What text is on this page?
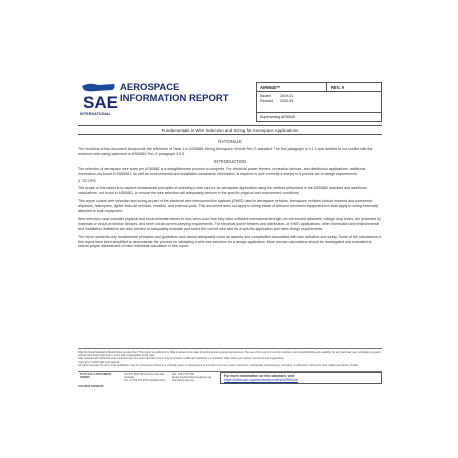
SAE
INTERNATIONAL
AEROSPACE
INFORMATION REPORT
AIR6540™	REV. A
Issued	2019-01
Revised 2020-03
Superseding AIR6540
Fundamentals in Wire Selection and Sizing for Aerospace Applications
RATIONALE

The revisions of this document incorporate the reference of Table 3 in AS50881 Wiring Aerospace Vehicle Rev G standard. The first paragraph in 3.1.1 was deleted to not conflict with the minimum wire sizing statement in AS50881 Rev G paragraph 3.5.5.

INTRODUCTION

The selection of aerospace wire sizes per AS50881 is a straightforward process to complete. For electrical power feeders, protection devices, and distribution applications, additional information not found in AS50881, as well as environmental and installation constraints information, is required to size correctly a wire(s) to a precise set of design requirements.

1. SCOPE

The scope of this report is to capture fundamental principles of selecting a wire size for an aerospace application using the method prescribed in the AS50881 standard and additional calculations, not found in AS50881, to ensure the wire selection will adequately perform in the specific physical and environment conditions.

This report covers wire selection and sizing as part of the electrical wire interconnection systems (EWIS) used in aerospace vehicles. Aerospace vehicles include manned and unmanned airplanes, helicopters, lighter-than-air vehicles, missiles, and external pods. This document does not apply to wiring inside of airborne electronic equipment but shall apply to wiring externally attached to such equipment.

Wire selection must consider physical and environmental factors to size wires such that they have sufficient mechanical strength, do not exceed allowable voltage drop levels, are protected by materials or circuit protection devices, and meet circuit current-carrying requirements. For electrical power feeders and distribution, or EWIS applications, other information and environmental and installation limitations are also needed to adequately evaluate and select the correct wire size for a specific application and meet design requirements.

The report presents only fundamental principles and guidelines and cannot adequately cover all aspects and complexities associated with wire selection and sizing. Some of the calculations in this report have been simplified to demonstrate the process for validating a wire size selection for a design application. More precise calculations should be investigated and evaluated to ensure proper assessment of each individual calculation in this report.

SAE Technical Standards Board Rules provide that: "This report is published by SAE to advance the state of technical and engineering sciences. The use of this report is entirely voluntary, and its applicability and suitability for any particular use, including any patent infringement arising therefrom, is the sole responsibility of the user."
SAE reviews each technical report at least every five years at which time it may be revised, reaffirmed, stabilized, or cancelled. SAE invites your written comments and suggestions.
Copyright © 2020 SAE International
All rights reserved. No part of this publication may be reproduced, stored in a retrieval system or transmitted, in any form or by any means, electronic, mechanical, photocopying, recording, or otherwise, without the prior written permission of SAE.
TO PLACE A DOCUMENT ORDER:
Tel: 877-606-7323 (inside USA and Canada)
Tel: +1 724-776-4970 (outside USA)
Fax: 724-776-0790
Email: CustomerService@sae.org
http://www.sae.org
For more information on this standard, visit
https://www.sae.org/standards/content/AIR6540A
SAE WEB ADDRESS:
